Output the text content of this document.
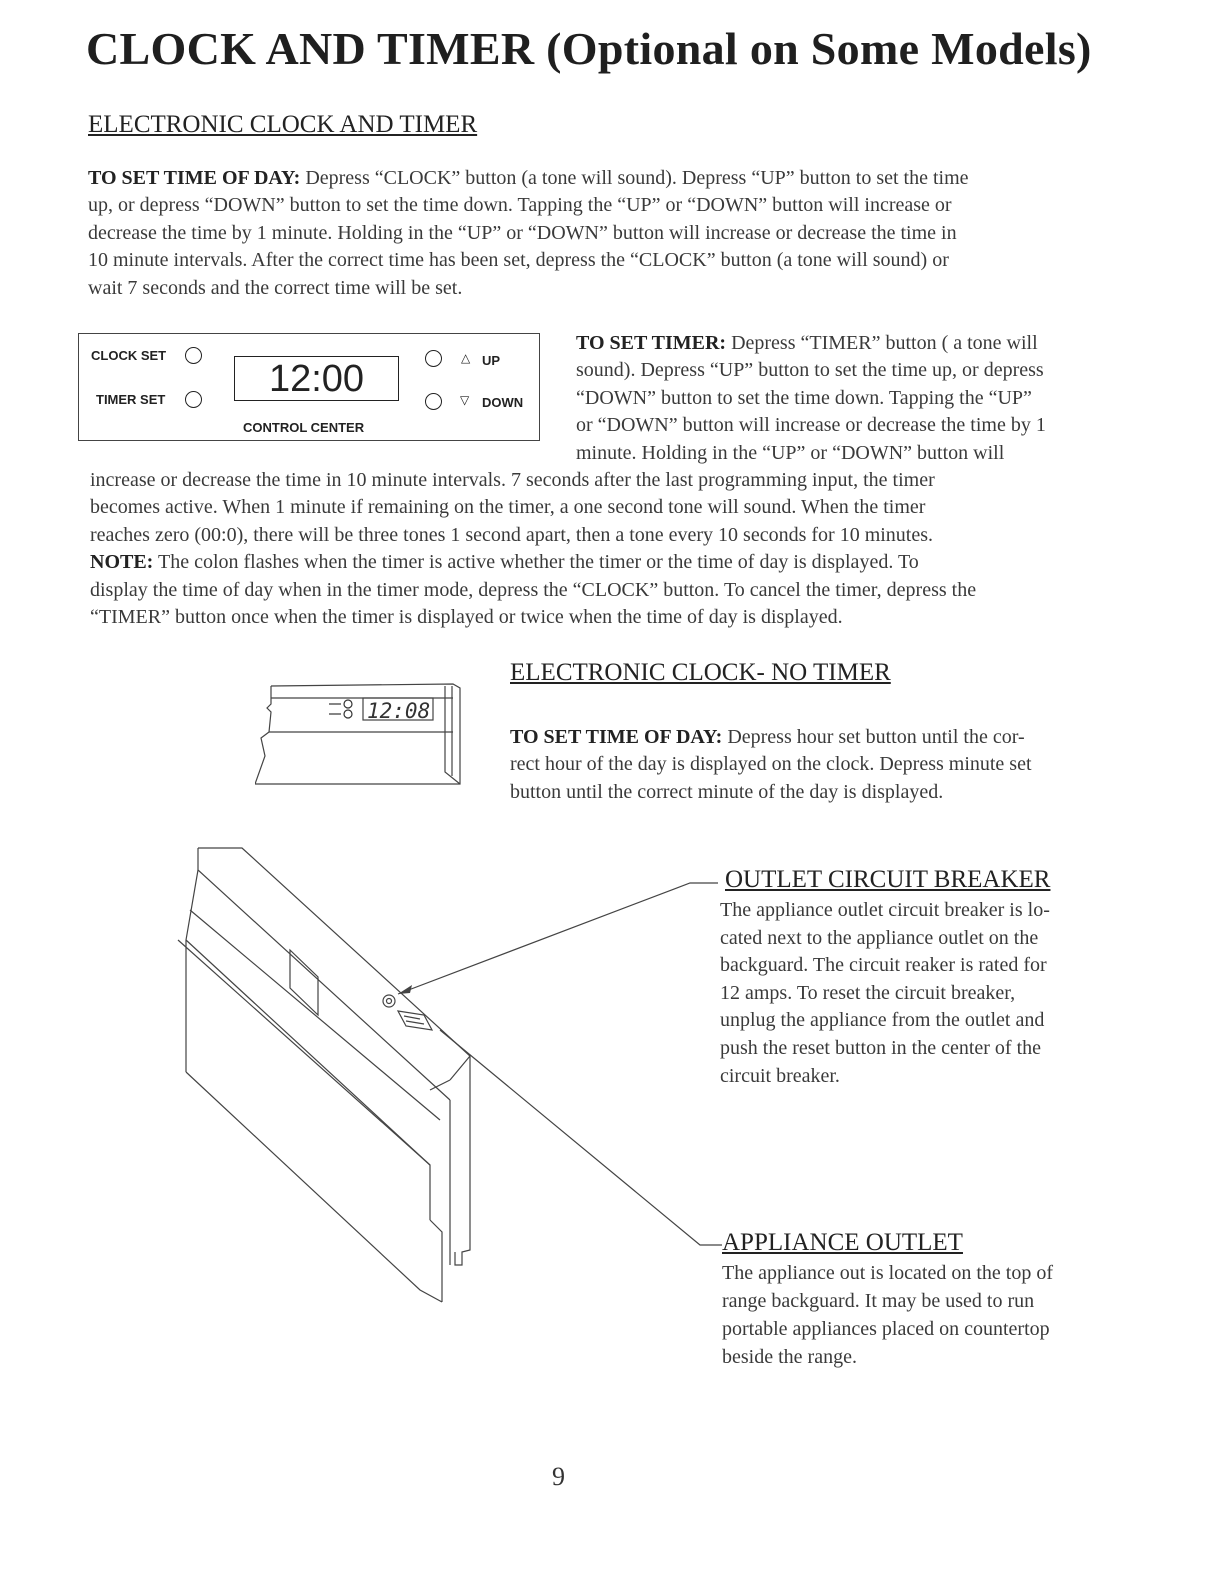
CLOCK AND TIMER (Optional on Some Models)
ELECTRONIC CLOCK AND TIMER
TO SET TIME OF DAY: Depress “CLOCK” button (a tone will sound). Depress “UP” button to set the time
up, or depress “DOWN” button to set the time down. Tapping the “UP” or “DOWN” button will increase or
decrease the time by 1 minute. Holding in the “UP” or “DOWN” button will increase or decrease the time in
10 minute intervals. After the correct time has been set, depress the “CLOCK” button (a tone will sound) or
wait 7 seconds and the correct time will be set.
CLOCK SET
TIMER SET	12:00
CONTROL CENTER
△ UP
▽ DOWN
TO SET TIMER: Depress “TIMER” button ( a tone will
sound). Depress “UP” button to set the time up, or depress
“DOWN” button to set the time down. Tapping the “UP”
or “DOWN” button will increase or decrease the time by 1
minute. Holding in the “UP” or “DOWN” button will
increase or decrease the time in 10 minute intervals. 7 seconds after the last programming input, the timer
becomes active. When 1 minute if remaining on the timer, a one second tone will sound. When the timer
reaches zero (00:0), there will be three tones 1 second apart, then a tone every 10 seconds for 10 minutes.
NOTE: The colon flashes when the timer is active whether the timer or the time of day is displayed. To
display the time of day when in the timer mode, depress the “CLOCK” button. To cancel the timer, depress the
“TIMER” button once when the timer is displayed or twice when the time of day is displayed.
12:08
ELECTRONIC CLOCK- NO TIMER
TO SET TIME OF DAY: Depress hour set button until the cor-
rect hour of the day is displayed on the clock. Depress minute set
button until the correct minute of the day is displayed.
OUTLET CIRCUIT BREAKER
The appliance outlet circuit breaker is lo-
cated next to the appliance outlet on the
backguard. The circuit reaker is rated for
12 amps. To reset the circuit breaker,
unplug the appliance from the outlet and
push the reset button in the center of the
circuit breaker.
APPLIANCE OUTLET
The appliance out is located on the top of
range backguard. It may be used to run
portable appliances placed on countertop
beside the range.
9
